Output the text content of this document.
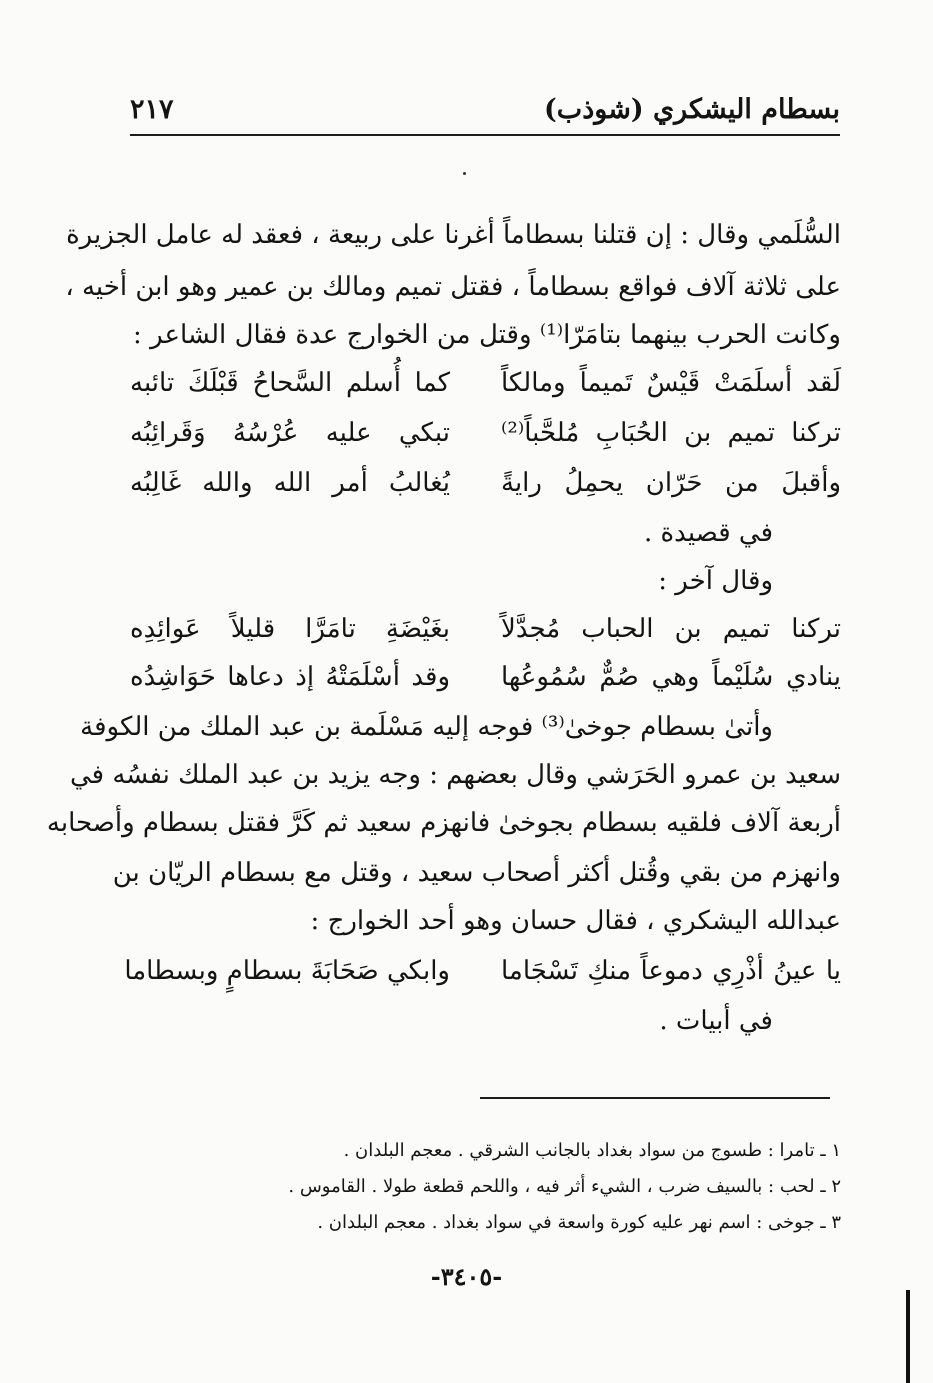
بسطام اليشكري (شوذب)
٢١٧

السُّلَمي وقال : إن قتلنا بسطاماً أغرنا على ربيعة ، فعقد له عامل الجزيرة

على ثلاثة آلاف فواقع بسطاماً ، فقتل تميم ومالك بن عمير وهو ابن أخيه ،

وكانت الحرب بينهما بتامَرّا⁽¹⁾ وقتل من الخوارج عدة فقال الشاعر :

لَقد أسلَمَتْ قَيْسٌ تَميماً ومالكاً

كما أُسلم السَّحاحُ قَبْلَكَ تائبه

تركنا تميم بن الحُبَابِ مُلحَّباً⁽²⁾

تبكي عليه عُرْسُهُ وَقَرائِبُه

وأقبلَ من حَرّان يحمِلُ رايةً

يُغالبُ أمر الله والله غَالِبُه

في قصيدة .

وقال آخر :

تركنا تميم بن الحباب مُجدَّلاً

بغَيْضَةِ تامَرَّا قليلاً عَوائِدِه

ينادي سُلَيْماً وهي صُمٌّ سُمُوعُها

وقد أسْلَمَتْهُ إذ دعاها حَوَاشِدُه

وأتىٰ بسطام جوخىٰ⁽³⁾ فوجه إليه مَسْلَمة بن عبد الملك من الكوفة

سعيد بن عمرو الحَرَشي وقال بعضهم : وجه يزيد بن عبد الملك نفسُه في

أربعة آلاف فلقيه بسطام بجوخىٰ فانهزم سعيد ثم كَرَّ فقتل بسطام وأصحابه

وانهزم من بقي وقُتل أكثر أصحاب سعيد ، وقتل مع بسطام الريّان بن

عبدالله اليشكري ، فقال حسان وهو أحد الخوارج :

يا عينُ أذْرِي دموعاً منكِ تَسْجَاما

وابكي صَحَابَةَ بسطامٍ وبسطاما

في أبيات .

١ ـ تامرا : طسوج من سواد بغداد بالجانب الشرقي . معجم البلدان .

٢ ـ لحب : بالسيف ضرب ، الشيء أثر فيه ، واللحم قطعة طولا . القاموس .

٣ ـ جوخى : اسم نهر عليه كورة واسعة في سواد بغداد . معجم البلدان .

-٣٤٠٥-
